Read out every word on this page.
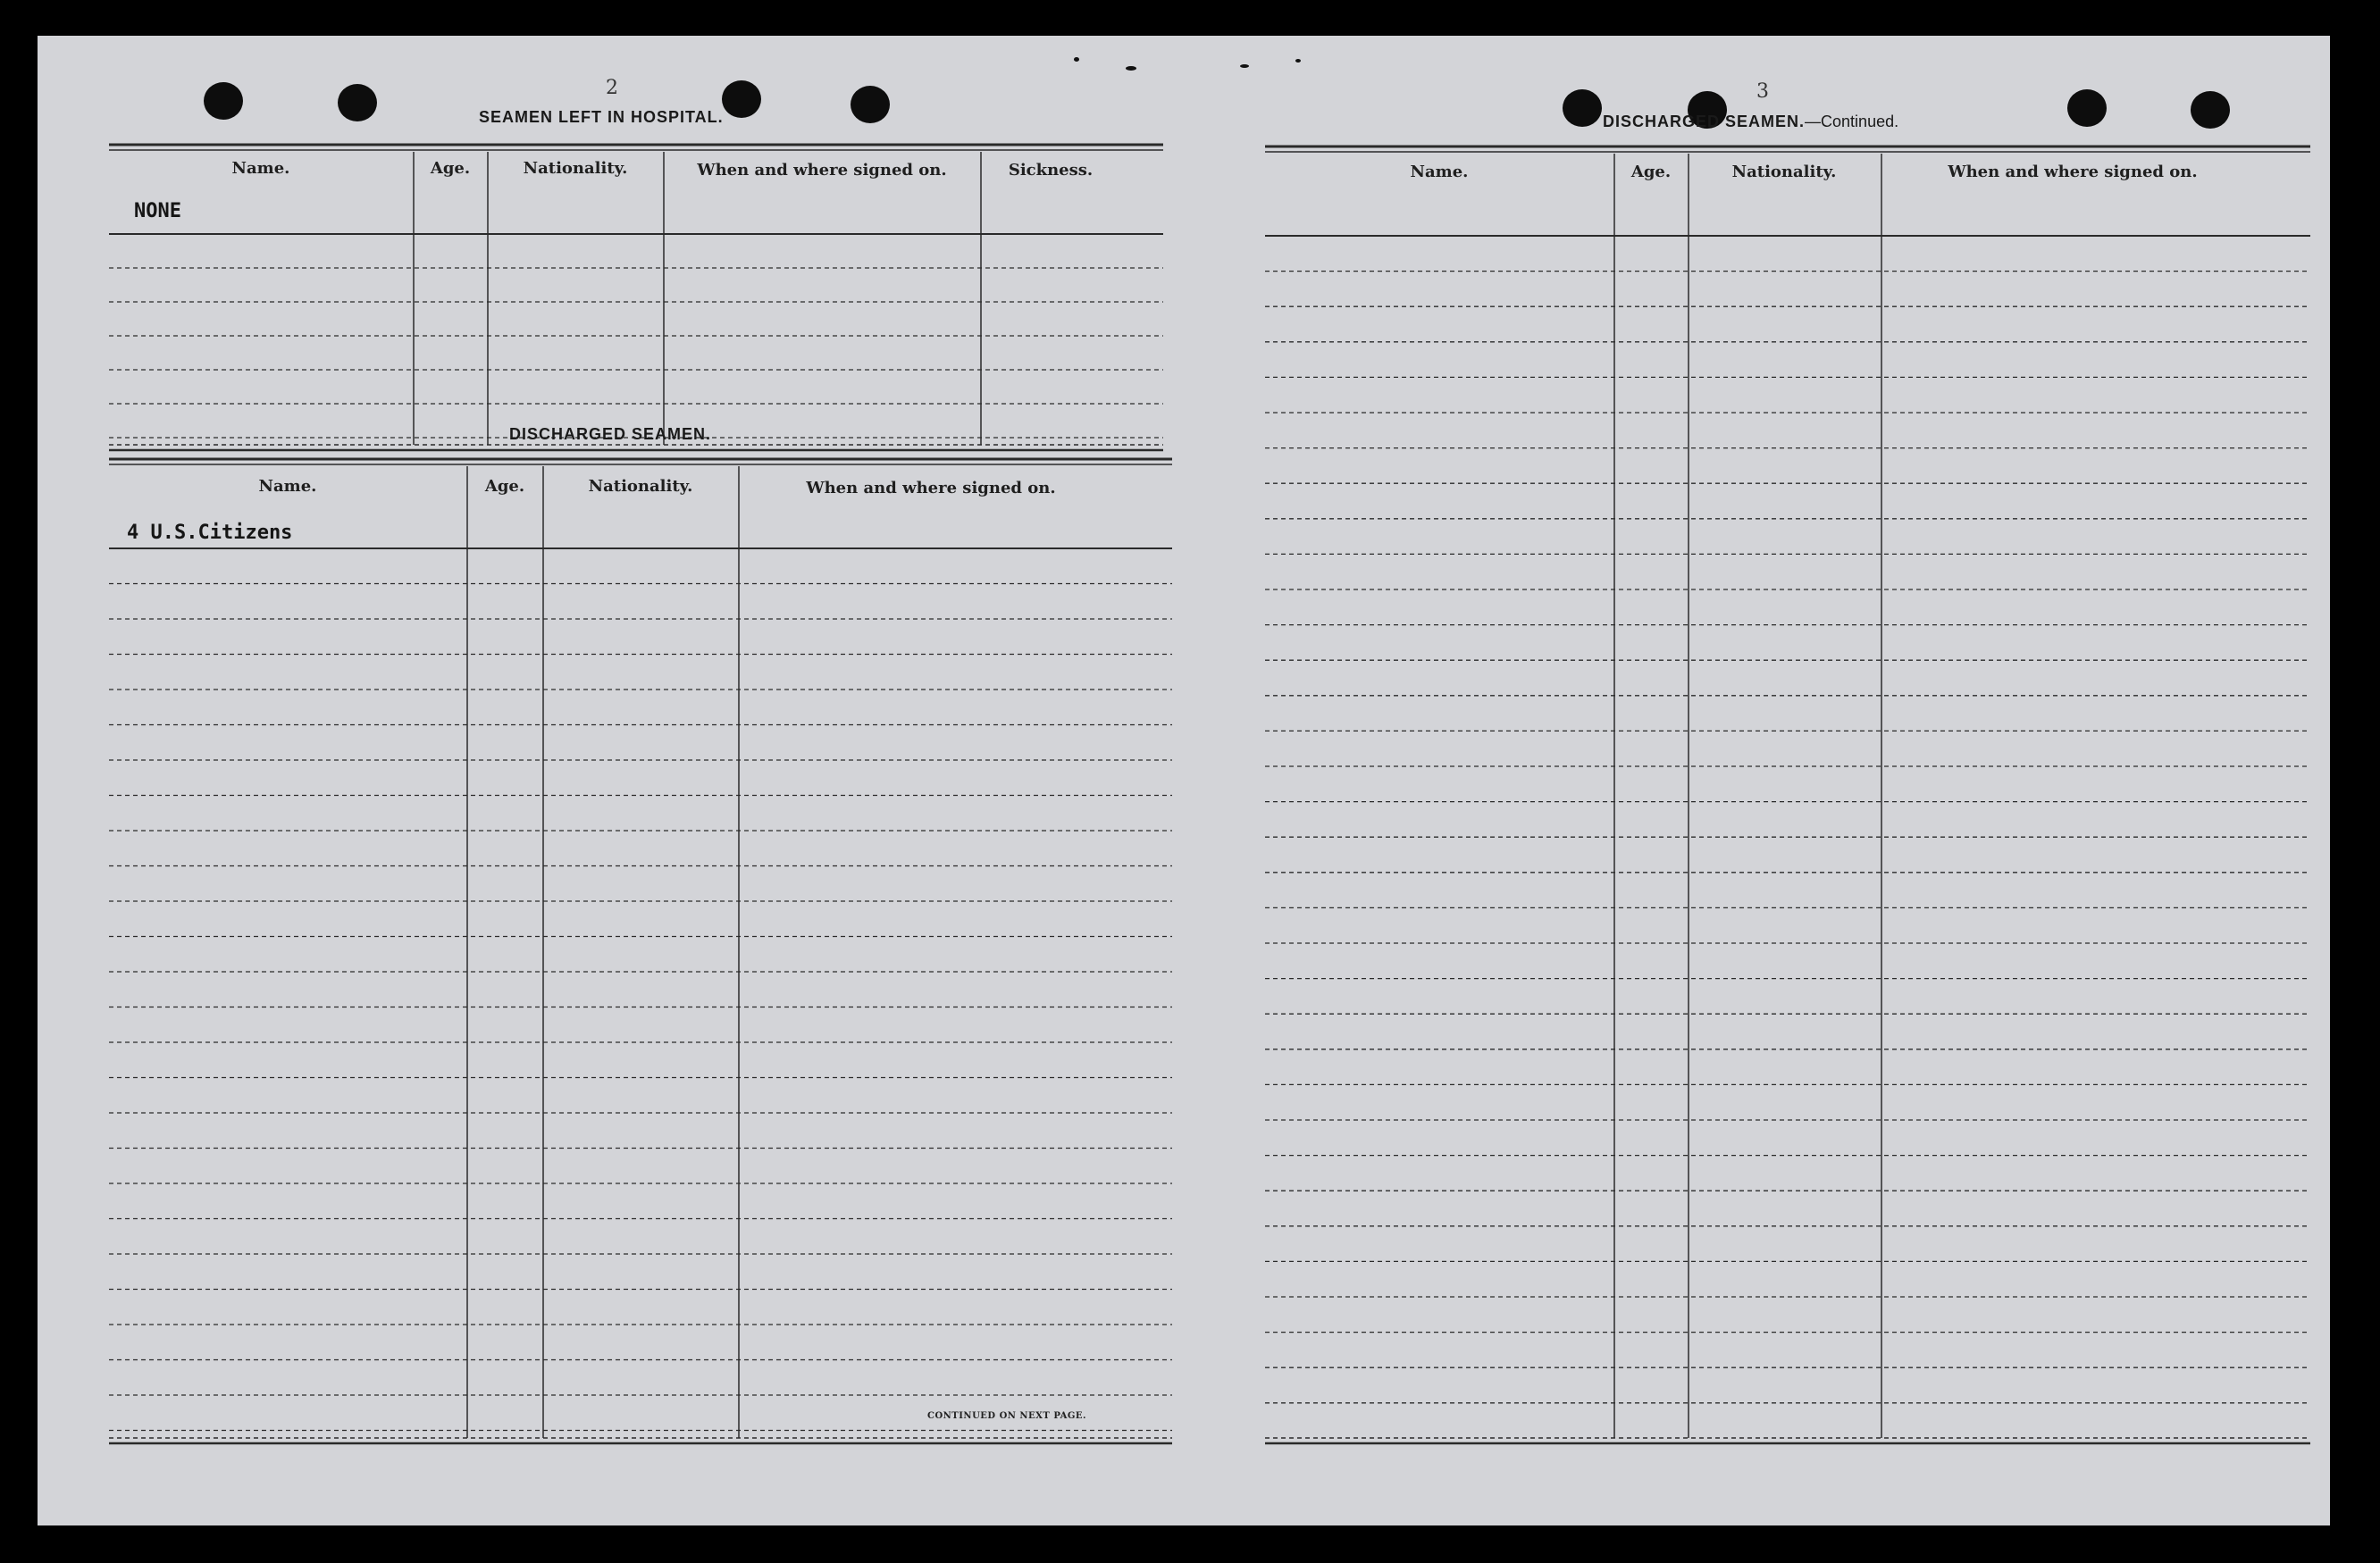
2
SEAMEN LEFT IN HOSPITAL.
Name.	Age.	Nationality.	When and where signed on.	Sickness.
NONE
DISCHARGED SEAMEN.
Name.	Age.	Nationality.	When and where signed on.
4 U.S.Citizens
CONTINUED ON NEXT PAGE.
3
DISCHARGED SEAMEN.—Continued.
Name.	Age.	Nationality.	When and where signed on.
